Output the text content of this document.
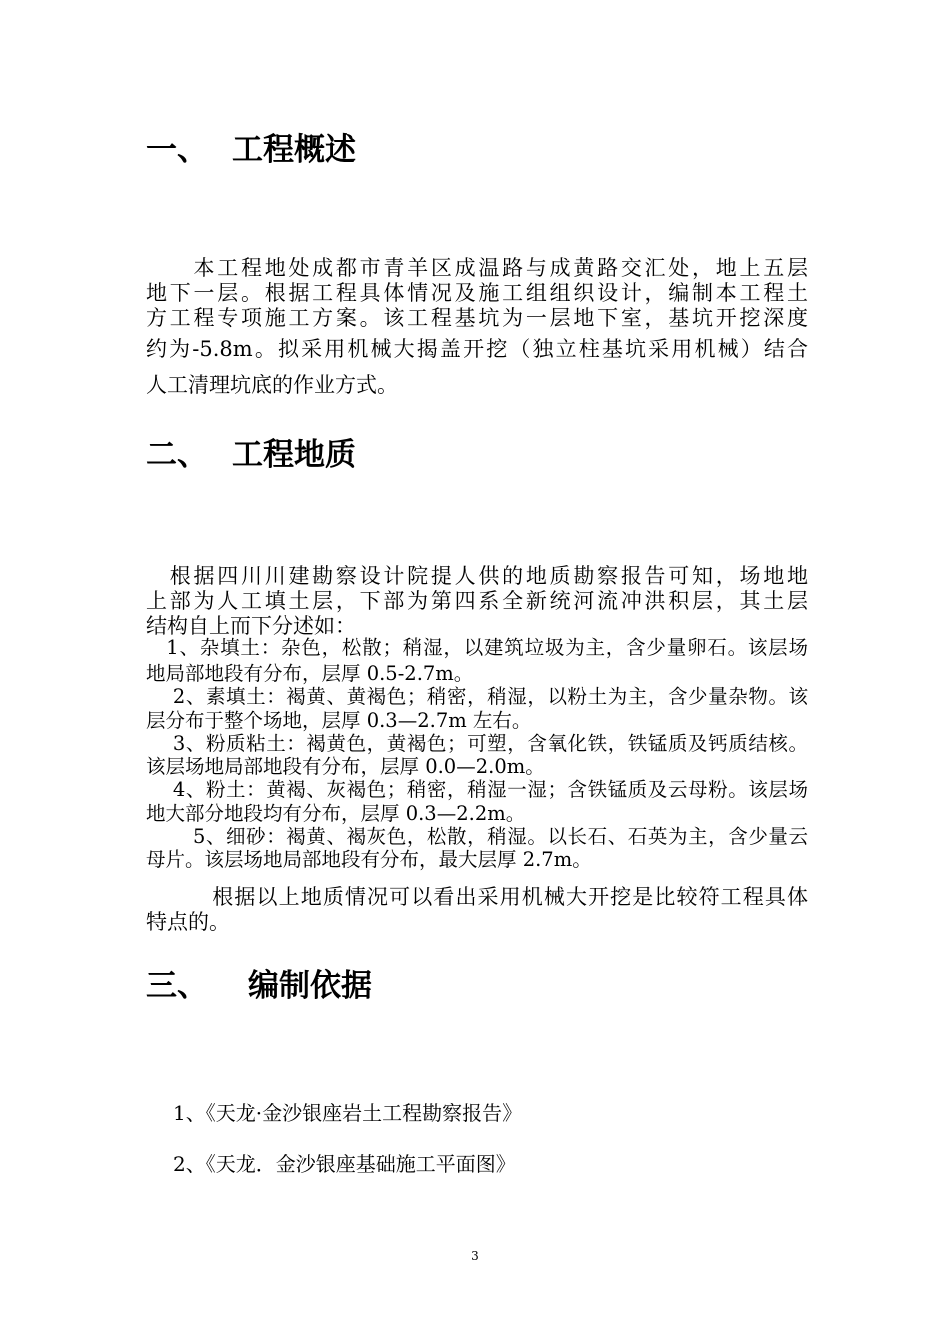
一、 工程概述
　　本工程地处成都市青羊区成温路与成黄路交汇处，地上五层
地下一层。根据工程具体情况及施工组组织设计，编制本工程土
方工程专项施工方案。该工程基坑为一层地下室，基坑开挖深度
约为-5.8m。拟采用机械大揭盖开挖（独立柱基坑采用机械）结合
人工清理坑底的作业方式。
二、 工程地质
　根据四川川建勘察设计院提人供的地质勘察报告可知，场地地
上部为人工填土层，下部为第四系全新统河流冲洪积层，其土层
结构自上而下分述如：
　1、杂填土：杂色，松散；稍湿，以建筑垃圾为主，含少量卵石。该层场
地局部地段有分布，层厚 0.5-2.7m。
　 2、素填土：褐黄、黄褐色；稍密，稍湿，以粉土为主，含少量杂物。该
层分布于整个场地，层厚 0.3—2.7m 左右。
　 3、粉质粘土：褐黄色，黄褐色；可塑，含氧化铁，铁锰质及钙质结核。
该层场地局部地段有分布，层厚 0.0—2.0m。
　 4、粉土：黄褐、灰褐色；稍密，稍湿一湿；含铁锰质及云母粉。该层场
地大部分地段均有分布，层厚 0.3—2.2m。
　　 5、细砂：褐黄、褐灰色，松散，稍湿。以长石、石英为主，含少量云
母片。该层场地局部地段有分布，最大层厚 2.7m。
　　　根据以上地质情况可以看出采用机械大开挖是比较符工程具体
特点的。
三、 编制依据

1、《天龙·金沙银座岩土工程勘察报告》

2、《天龙．金沙银座基础施工平面图》

3
